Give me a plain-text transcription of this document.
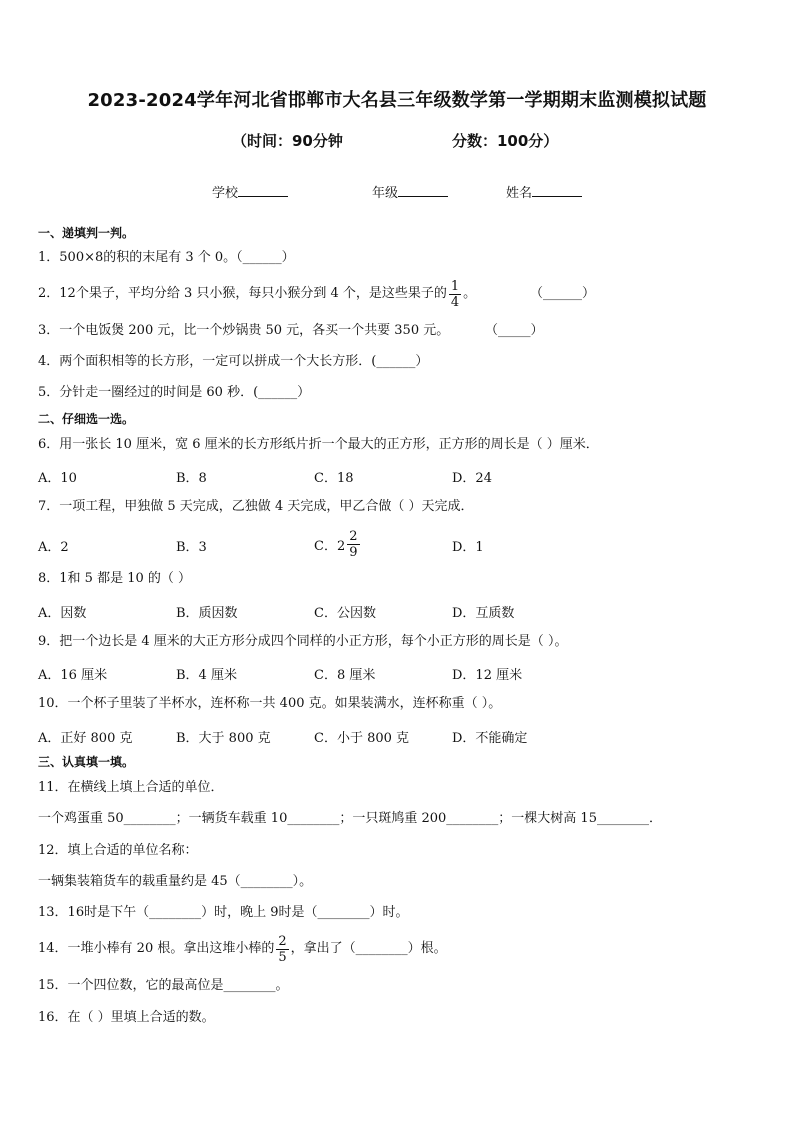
2023-2024学年河北省邯郸市大名县三年级数学第一学期期末监测模拟试题
（时间：90分钟	分数：100分）
学校	年级	姓名
一、递填判一判。
1．500×8的积的末尾有 3 个 0。（______）
2．12个果子，平均分给 3 只小猴，每只小猴分到 4 个，是这些果子的 $\frac{1}{4}$ 。	（______）
3．一个电饭煲 200 元，比一个炒锅贵 50 元，各买一个共要 350 元。	（_____）
4．两个面积相等的长方形，一定可以拼成一个大长方形．(______）
5．分针走一圈经过的时间是 60 秒．(______）
二、仔细选一选。
6．用一张长 10 厘米，宽 6 厘米的长方形纸片折一个最大的正方形，正方形的周长是（ ）厘米．
A．10	B．8	C．18	D．24
7．一项工程，甲独做 5 天完成，乙独做 4 天完成，甲乙合做（ ）天完成．
A．2	B．3	C．$2 \frac{2}{9}$	D．1
8．1和 5 都是 10 的（ ）
A．因数	B．质因数	C．公因数	D．互质数
9．把一个边长是 4 厘米的大正方形分成四个同样的小正方形，每个小正方形的周长是（ ）。
A．16 厘米	B．4 厘米	C．8 厘米	D．12 厘米
10．一个杯子里装了半杯水，连杯称一共 400 克。如果装满水，连杯称重（ ）。
A．正好 800 克	B．大于 800 克	C．小于 800 克	D．不能确定
三、认真填一填。
11．在横线上填上合适的单位．
一个鸡蛋重 50________；一辆货车载重 10________；一只斑鸠重 200________；一棵大树高 15________．
12．填上合适的单位名称：
一辆集装箱货车的载重量约是 45（________）。
13．16时是下午（________）时，晚上 9时是（________）时。
14．一堆小棒有 20 根。拿出这堆小棒的 $\frac{2}{5}$ ，拿出了（________）根。
15．一个四位数，它的最高位是________。
16．在（ ）里填上合适的数。
